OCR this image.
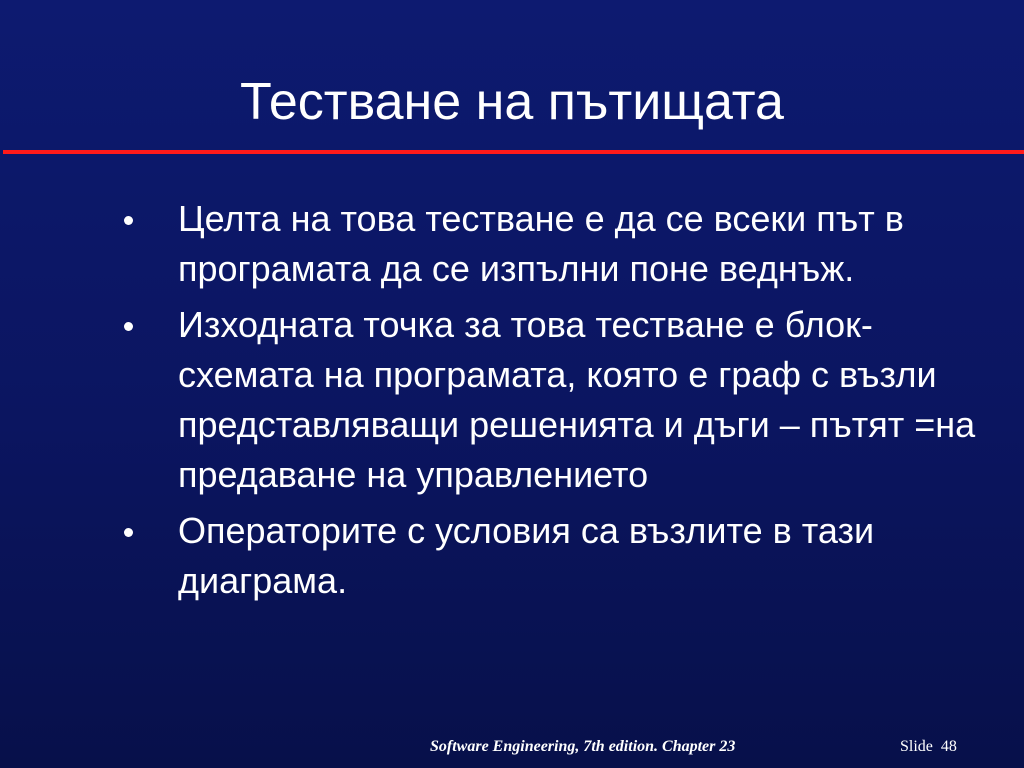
Тестване на пътищата
Целта на това тестване е да се всеки път в програмата да се изпълни поне веднъж.
Изходната точка за това тестване е блок-схемата на програмата, която е граф с възли представляващи решенията и дъги – пътят =на предаване на управлението
Операторите с условия са възлите в тази диаграма.
Software Engineering, 7th edition. Chapter 23	Slide 48
